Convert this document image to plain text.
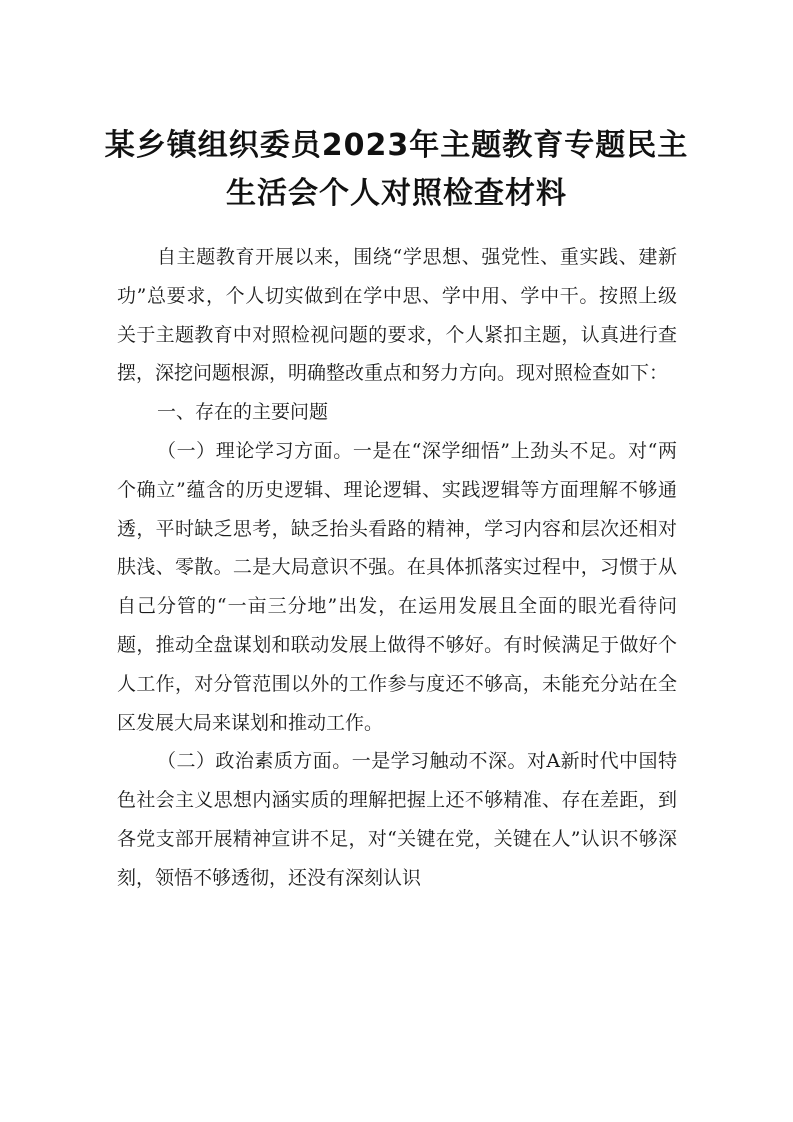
某乡镇组织委员2023年主题教育专题民主
生活会个人对照检查材料

自主题教育开展以来，围绕“学思想、强党性、重实践、建新功”总要求，个人切实做到在学中思、学中用、学中干。按照上级关于主题教育中对照检视问题的要求，个人紧扣主题，认真进行查摆，深挖问题根源，明确整改重点和努力方向。现对照检查如下：

一、存在的主要问题

（一）理论学习方面。一是在“深学细悟”上劲头不足。对“两个确立”蕴含的历史逻辑、理论逻辑、实践逻辑等方面理解不够通透，平时缺乏思考，缺乏抬头看路的精神，学习内容和层次还相对肤浅、零散。二是大局意识不强。在具体抓落实过程中，习惯于从自己分管的“一亩三分地”出发，在运用发展且全面的眼光看待问题，推动全盘谋划和联动发展上做得不够好。有时候满足于做好个人工作，对分管范围以外的工作参与度还不够高，未能充分站在全区发展大局来谋划和推动工作。

（二）政治素质方面。一是学习触动不深。对A新时代中国特色社会主义思想内涵实质的理解把握上还不够精准、存在差距，到各党支部开展精神宣讲不足，对“关键在党，关键在人”认识不够深刻，领悟不够透彻，还没有深刻认识
